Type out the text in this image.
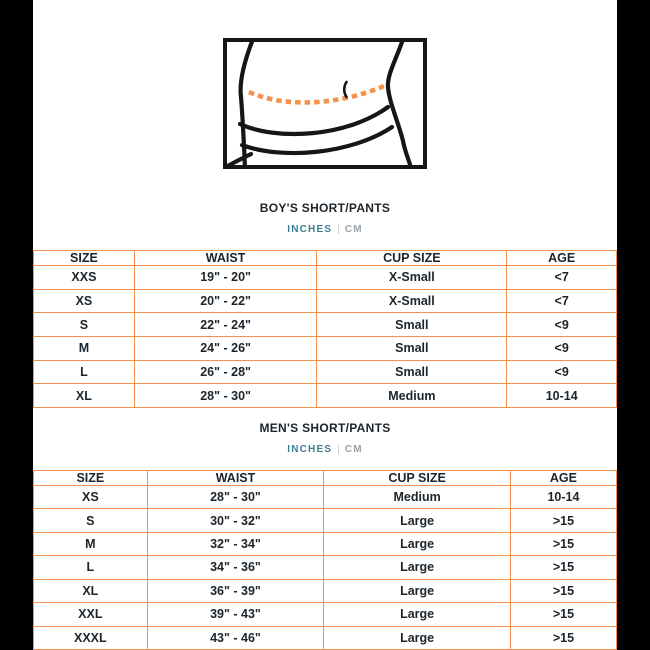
BOY'S SHORT/PANTS
INCHES | CM
SIZE	WAIST	CUP SIZE	AGE
XXS	19" - 20"	X-Small	<7
XS	20" - 22"	X-Small	<7
S	22" - 24"	Small	<9
M	24" - 26"	Small	<9
L	26" - 28"	Small	<9
XL	28" - 30"	Medium	10-14
MEN'S SHORT/PANTS
INCHES | CM
SIZE	WAIST	CUP SIZE	AGE
XS	28" - 30"	Medium	10-14
S	30" - 32"	Large	>15
M	32" - 34"	Large	>15
L	34" - 36"	Large	>15
XL	36" - 39"	Large	>15
XXL	39" - 43"	Large	>15
XXXL	43" - 46"	Large	>15
